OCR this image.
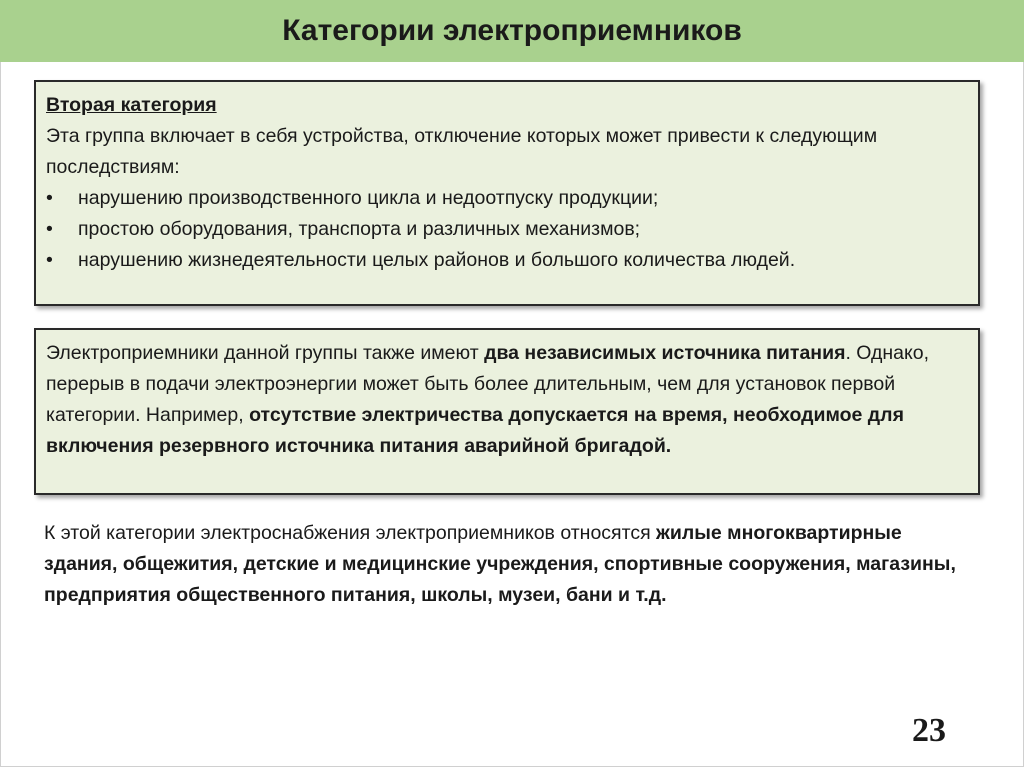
Категории электроприемников
Вторая категория
Эта группа включает в себя устройства, отключение которых может привести к следующим последствиям:
•	нарушению производственного цикла и недоотпуску продукции;
•	простою оборудования, транспорта и различных механизмов;
•	нарушению жизнедеятельности целых районов и большого количества людей.
Электроприемники данной группы также имеют два независимых источника питания. Однако, перерыв в подачи электроэнергии может быть более длительным, чем для установок первой категории. Например, отсутствие электричества допускается на время, необходимое для включения резервного источника питания аварийной бригадой.
К этой категории электроснабжения электроприемников относятся жилые многоквартирные здания, общежития, детские и медицинские учреждения, спортивные сооружения, магазины, предприятия общественного питания, школы, музеи, бани и т.д.
23
